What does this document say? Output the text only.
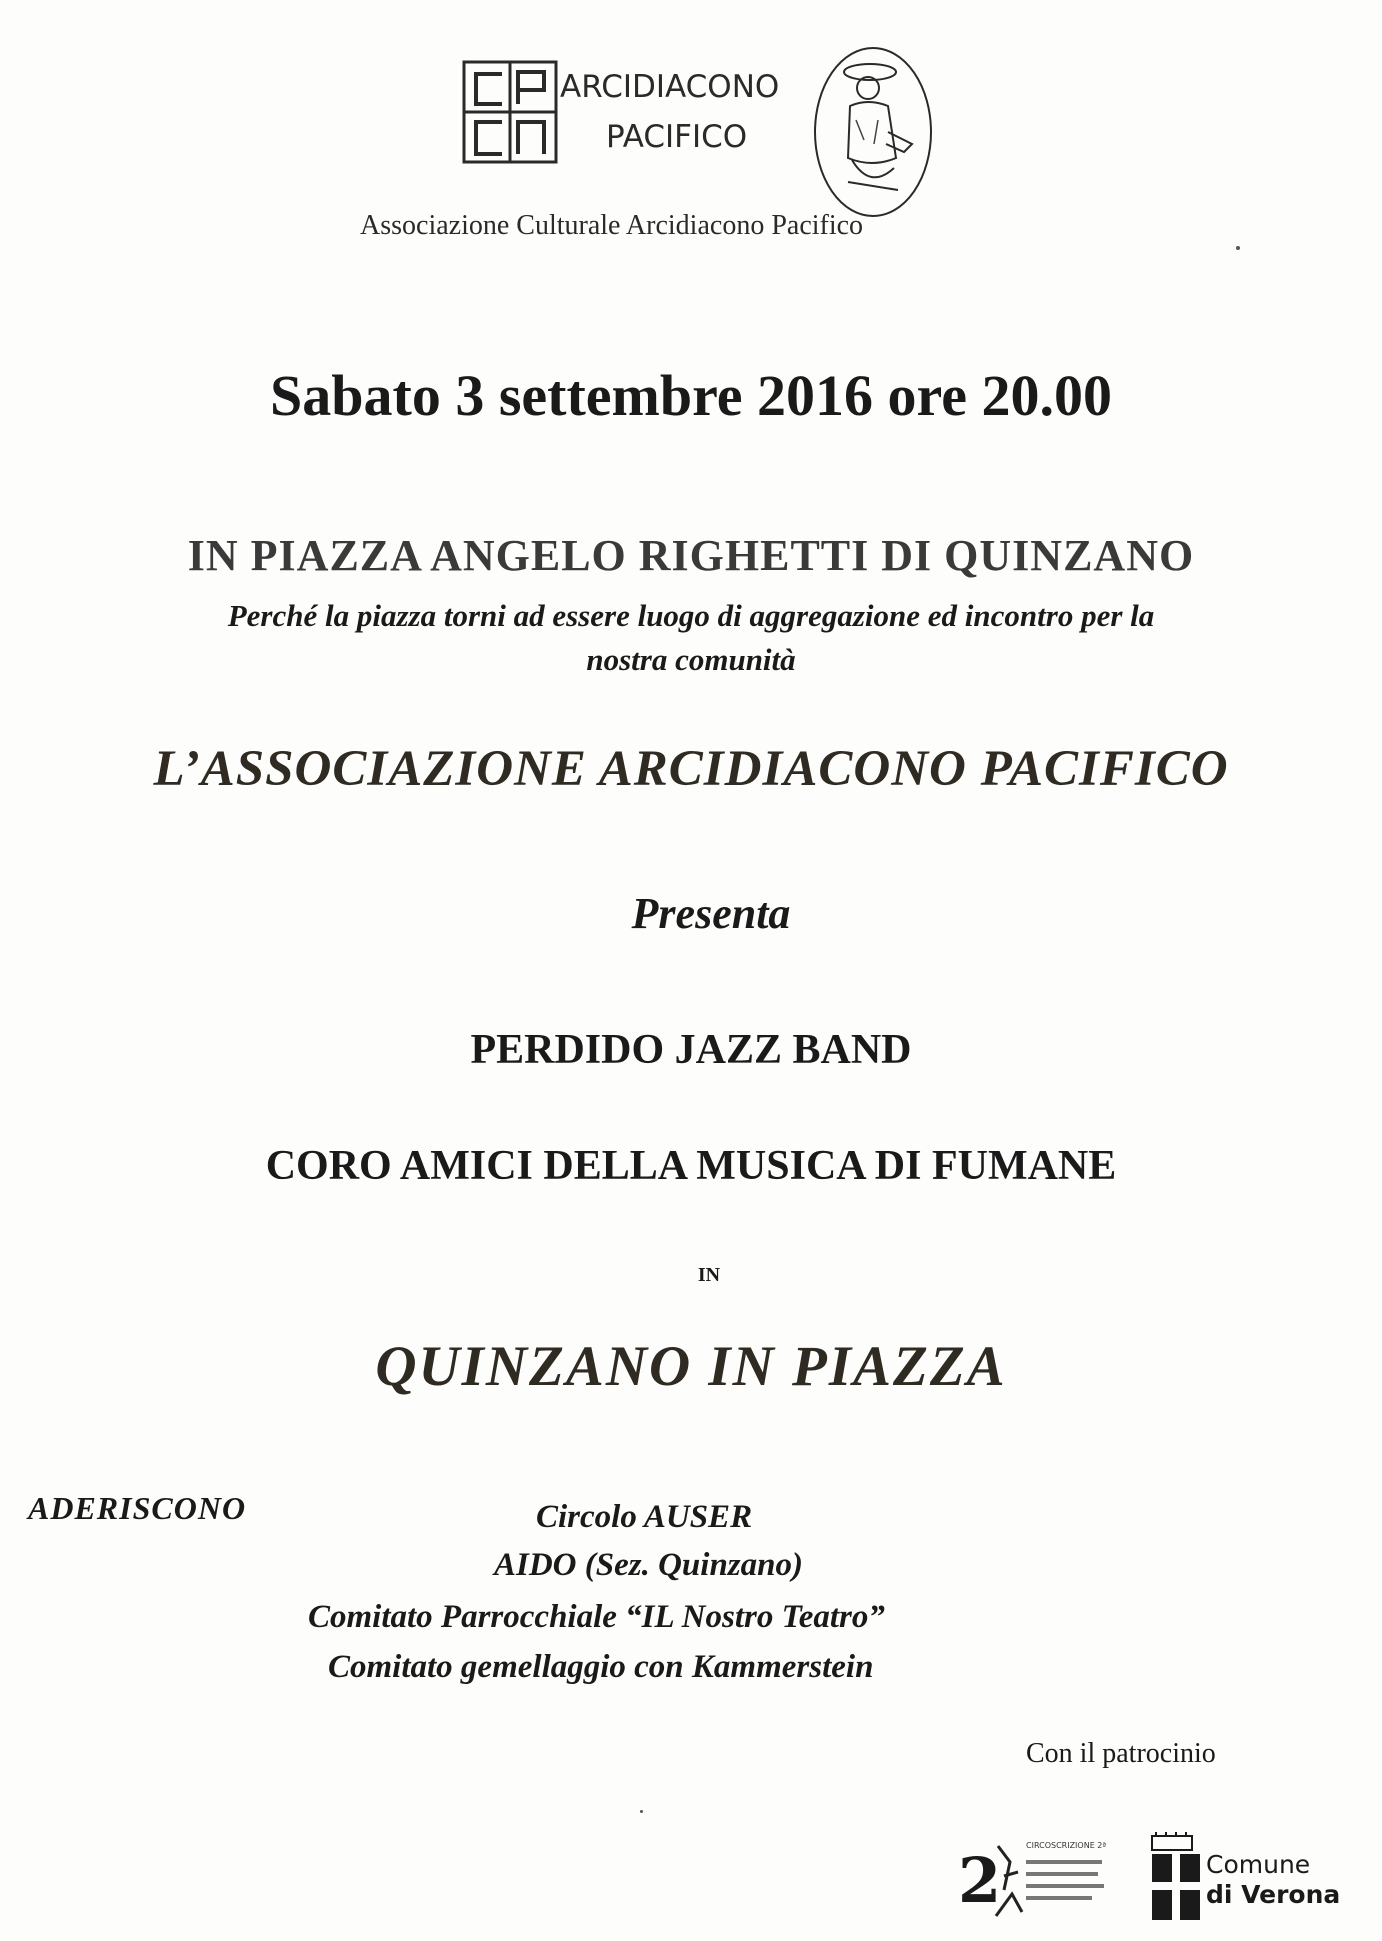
ARCIDIACONO
PACIFICO
Associazione Culturale Arcidiacono Pacifico
Sabato 3 settembre 2016 ore 20.00
IN PIAZZA ANGELO RIGHETTI DI QUINZANO
Perché la piazza torni ad essere luogo di aggregazione ed incontro per la
nostra comunità
L’ASSOCIAZIONE ARCIDIACONO PACIFICO
Presenta
PERDIDO JAZZ BAND
CORO AMICI DELLA MUSICA DI FUMANE
IN
QUINZANO IN PIAZZA
ADERISCONO	Circolo AUSER
AIDO (Sez. Quinzano)
Comitato Parrocchiale “IL Nostro Teatro”
Comitato gemellaggio con Kammerstein
Con il patrocinio
2	CIRCOSCRIZIONE 2ª
Comune
di Verona
